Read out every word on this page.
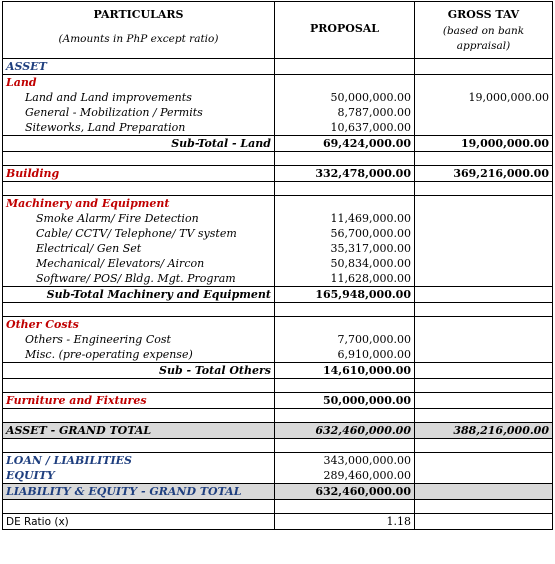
PARTICULARS
(Amounts in PhP except ratio)	PROPOSAL	GROSS TAV
(based on bank
appraisal)

ASSET		
Land		
Land and Land improvements	50,000,000.00	19,000,000.00
General - Mobilization / Permits	8,787,000.00	
Siteworks, Land Preparation	10,637,000.00	
Sub-Total - Land	69,424,000.00	19,000,000.00

Building	332,478,000.00	369,216,000.00

Machinery and Equipment		
Smoke Alarm/ Fire Detection	11,469,000.00	
Cable/ CCTV/ Telephone/ TV system	56,700,000.00	
Electrical/ Gen Set	35,317,000.00	
Mechanical/ Elevators/ Aircon	50,834,000.00	
Software/ POS/ Bldg. Mgt. Program	11,628,000.00	
Sub-Total Machinery and Equipment	165,948,000.00	

Other Costs		
Others - Engineering Cost	7,700,000.00	
Misc. (pre-operating expense)	6,910,000.00	
Sub - Total Others	14,610,000.00	

Furniture and Fixtures	50,000,000.00	

ASSET - GRAND TOTAL	632,460,000.00	388,216,000.00

LOAN / LIABILITIES	343,000,000.00	
EQUITY	289,460,000.00	
LIABILITY & EQUITY - GRAND TOTAL	632,460,000.00	

DE Ratio (x)	1.18	
